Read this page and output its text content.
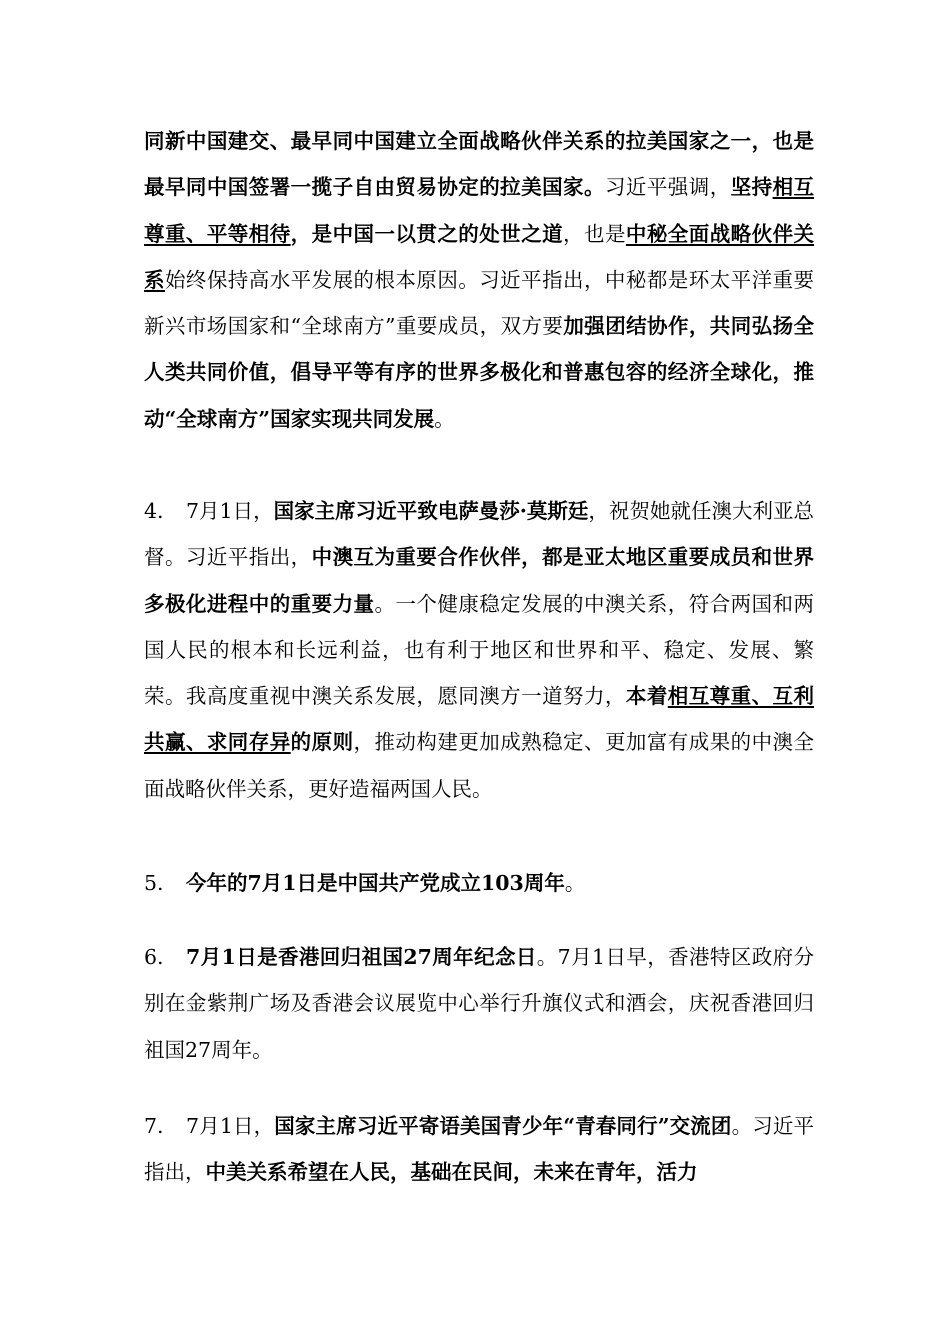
同新中国建交、最早同中国建立全面战略伙伴关系的拉美国家之一，也是最早同中国签署一揽子自由贸易协定的拉美国家。习近平强调，坚持相互尊重、平等相待，是中国一以贯之的处世之道，也是中秘全面战略伙伴关系始终保持高水平发展的根本原因。习近平指出，中秘都是环太平洋重要新兴市场国家和“全球南方”重要成员，双方要加强团结协作，共同弘扬全人类共同价值，倡导平等有序的世界多极化和普惠包容的经济全球化，推动“全球南方”国家实现共同发展。

4. 7月1日，国家主席习近平致电萨曼莎·莫斯廷，祝贺她就任澳大利亚总督。习近平指出，中澳互为重要合作伙伴，都是亚太地区重要成员和世界多极化进程中的重要力量。一个健康稳定发展的中澳关系，符合两国和两国人民的根本和长远利益，也有利于地区和世界和平、稳定、发展、繁荣。我高度重视中澳关系发展，愿同澳方一道努力，本着相互尊重、互利共赢、求同存异的原则，推动构建更加成熟稳定、更加富有成果的中澳全面战略伙伴关系，更好造福两国人民。

5. 今年的7月1日是中国共产党成立103周年。

6. 7月1日是香港回归祖国27周年纪念日。7月1日早，香港特区政府分别在金紫荆广场及香港会议展览中心举行升旗仪式和酒会，庆祝香港回归祖国27周年。

7. 7月1日，国家主席习近平寄语美国青少年“青春同行”交流团。习近平指出，中美关系希望在人民，基础在民间，未来在青年，活力
